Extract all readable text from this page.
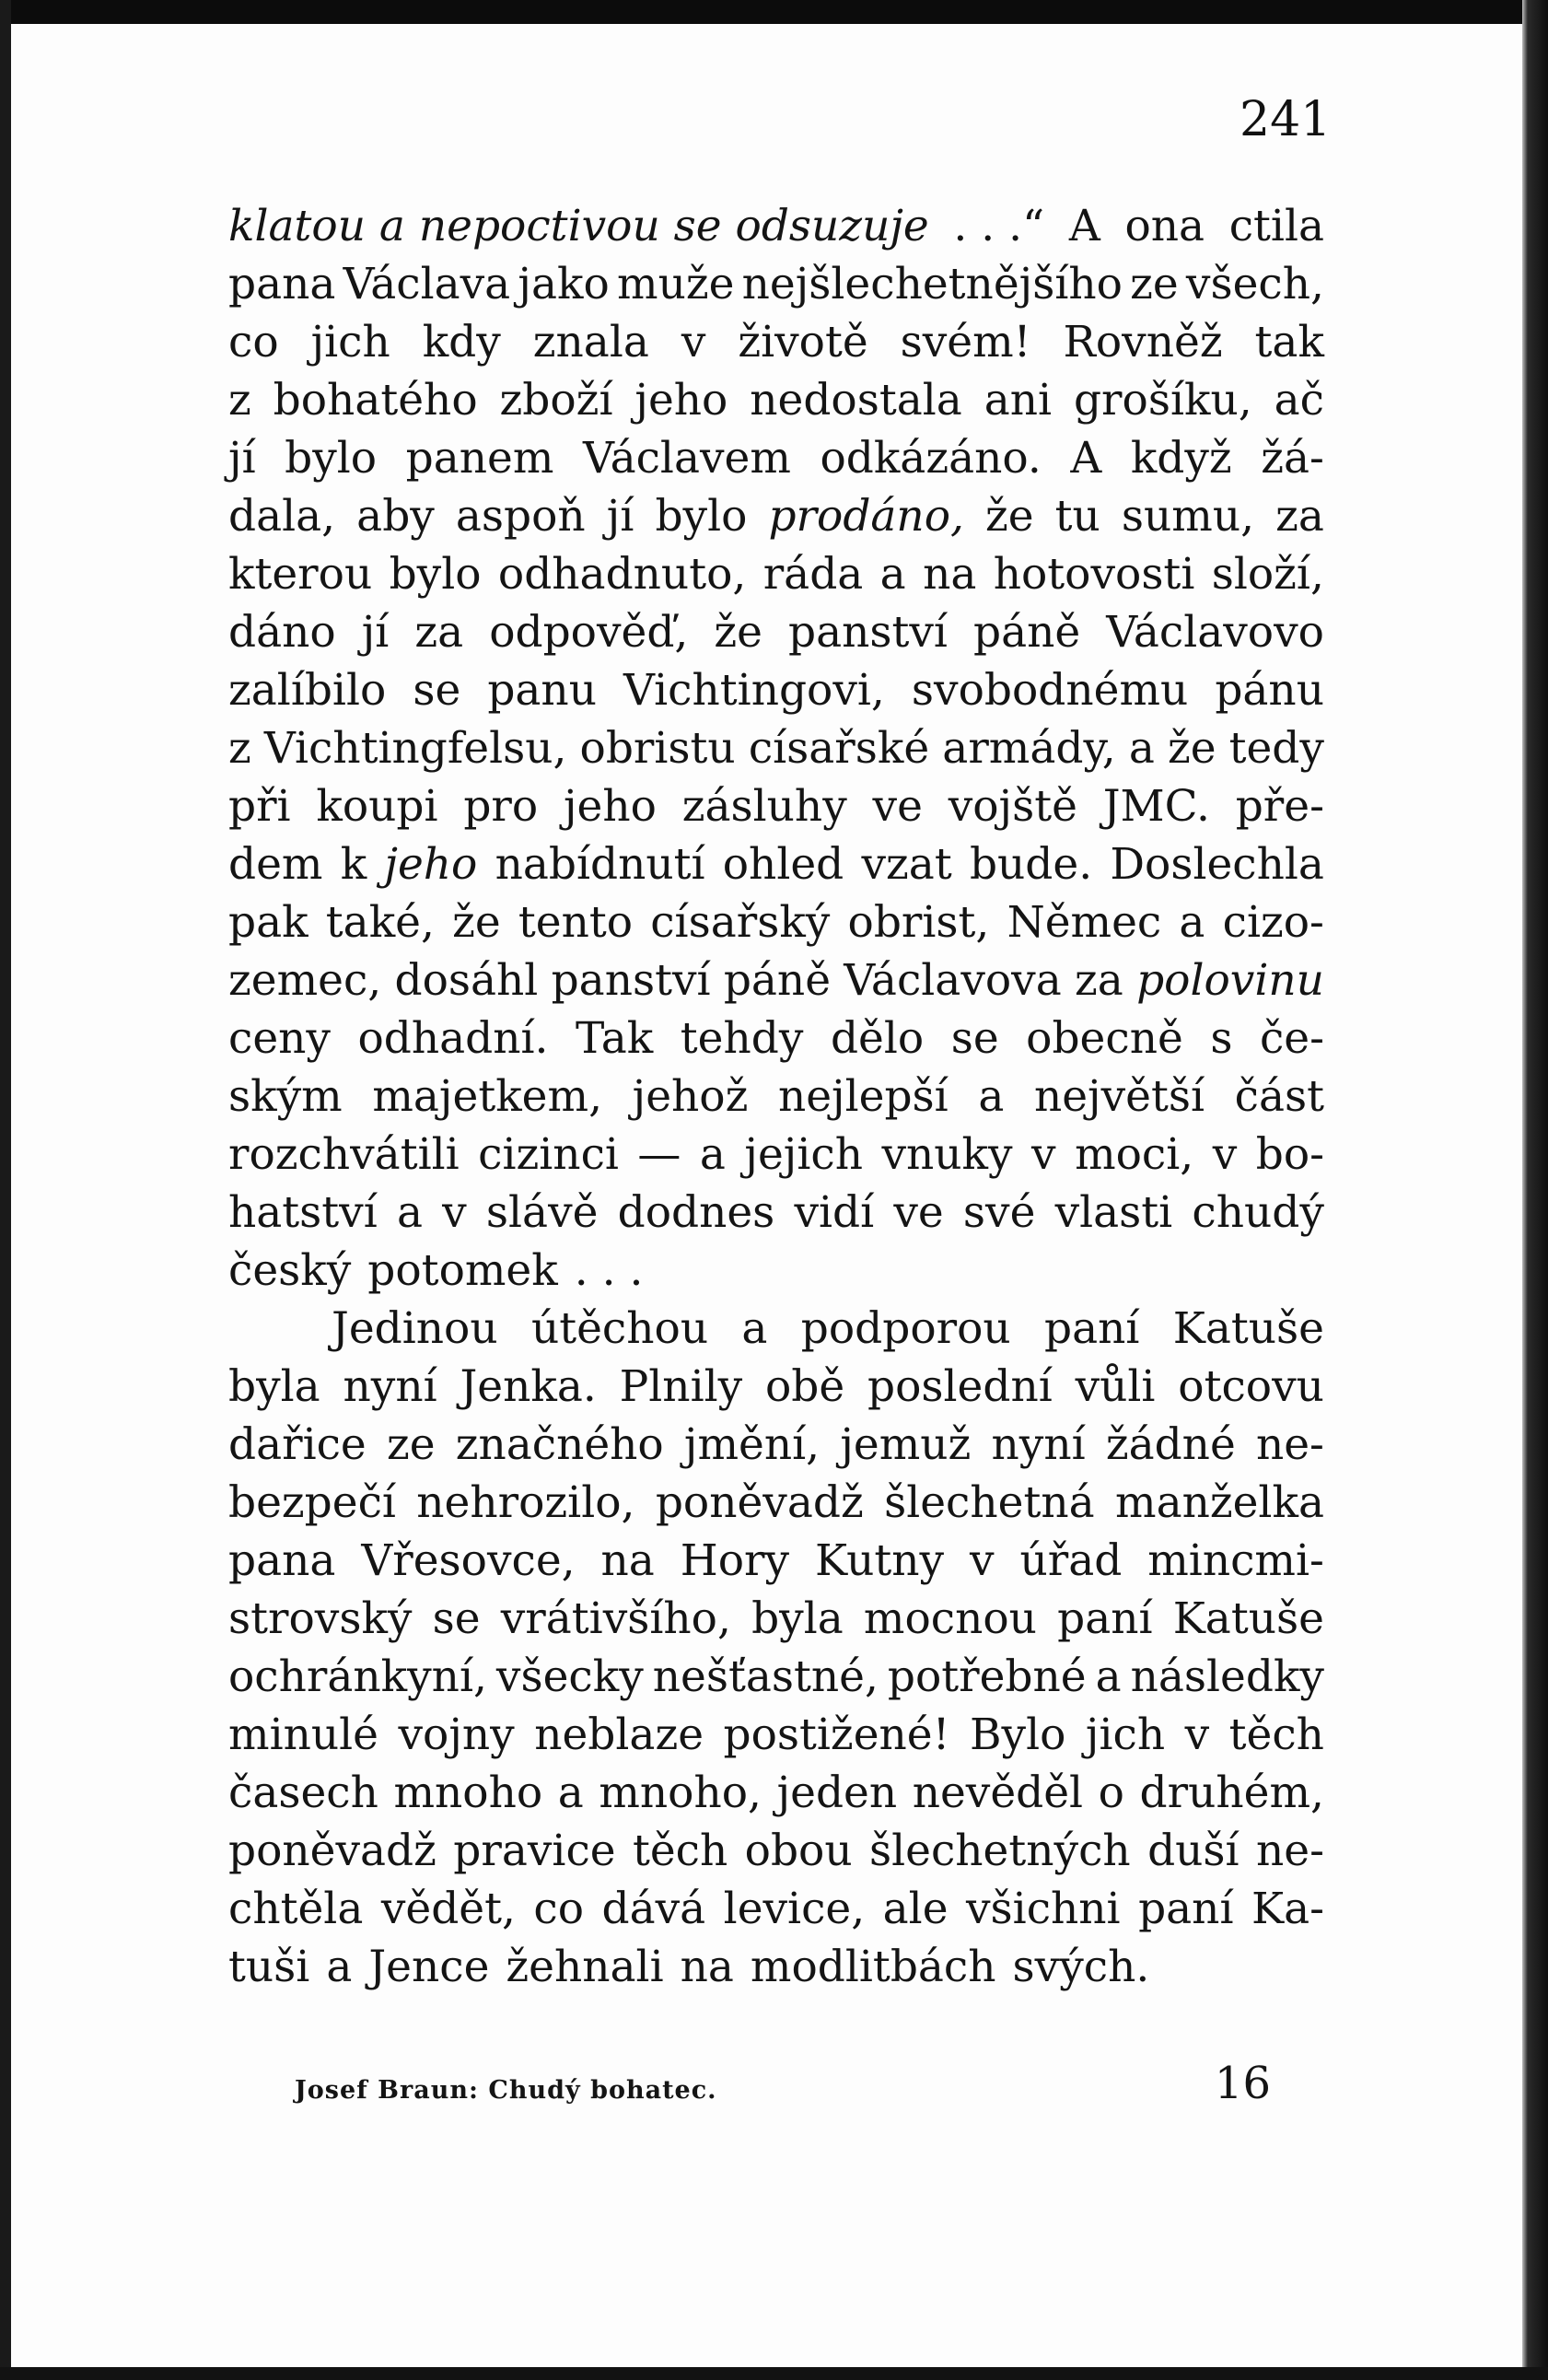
241
klatou a nepoctivou se odsuzuje . . .“ A ona ctila
pana Václava jako muže nejšlechetnějšího ze všech,
co jich kdy znala v životě svém! Rovněž tak
z bohatého zboží jeho nedostala ani grošíku, ač
jí bylo panem Václavem odkázáno. A když žá-
dala, aby aspoň jí bylo prodáno, že tu sumu, za
kterou bylo odhadnuto, ráda a na hotovosti složí,
dáno jí za odpověď, že panství páně Václavovo
zalíbilo se panu Vichtingovi, svobodnému pánu
z Vichtingfelsu, obristu císařské armády, a že tedy
při koupi pro jeho zásluhy ve vojště JMC. pře-
dem k jeho nabídnutí ohled vzat bude. Doslechla
pak také, že tento císařský obrist, Němec a cizo-
zemec, dosáhl panství páně Václavova za polovinu
ceny odhadní. Tak tehdy dělo se obecně s če-
ským majetkem, jehož nejlepší a největší část
rozchvátili cizinci — a jejich vnuky v moci, v bo-
hatství a v slávě dodnes vidí ve své vlasti chudý
český potomek . . .
Jedinou útěchou a podporou paní Katuše
byla nyní Jenka. Plnily obě poslední vůli otcovu
dařice ze značného jmění, jemuž nyní žádné ne-
bezpečí nehrozilo, poněvadž šlechetná manželka
pana Vřesovce, na Hory Kutny v úřad mincmi-
strovský se vrátivšího, byla mocnou paní Katuše
ochránkyní, všecky nešťastné, potřebné a následky
minulé vojny neblaze postižené! Bylo jich v těch
časech mnoho a mnoho, jeden nevěděl o druhém,
poněvadž pravice těch obou šlechetných duší ne-
chtěla vědět, co dává levice, ale všichni paní Ka-
tuši a Jence žehnali na modlitbách svých.
Josef Braun: Chudý bohatec.	16
